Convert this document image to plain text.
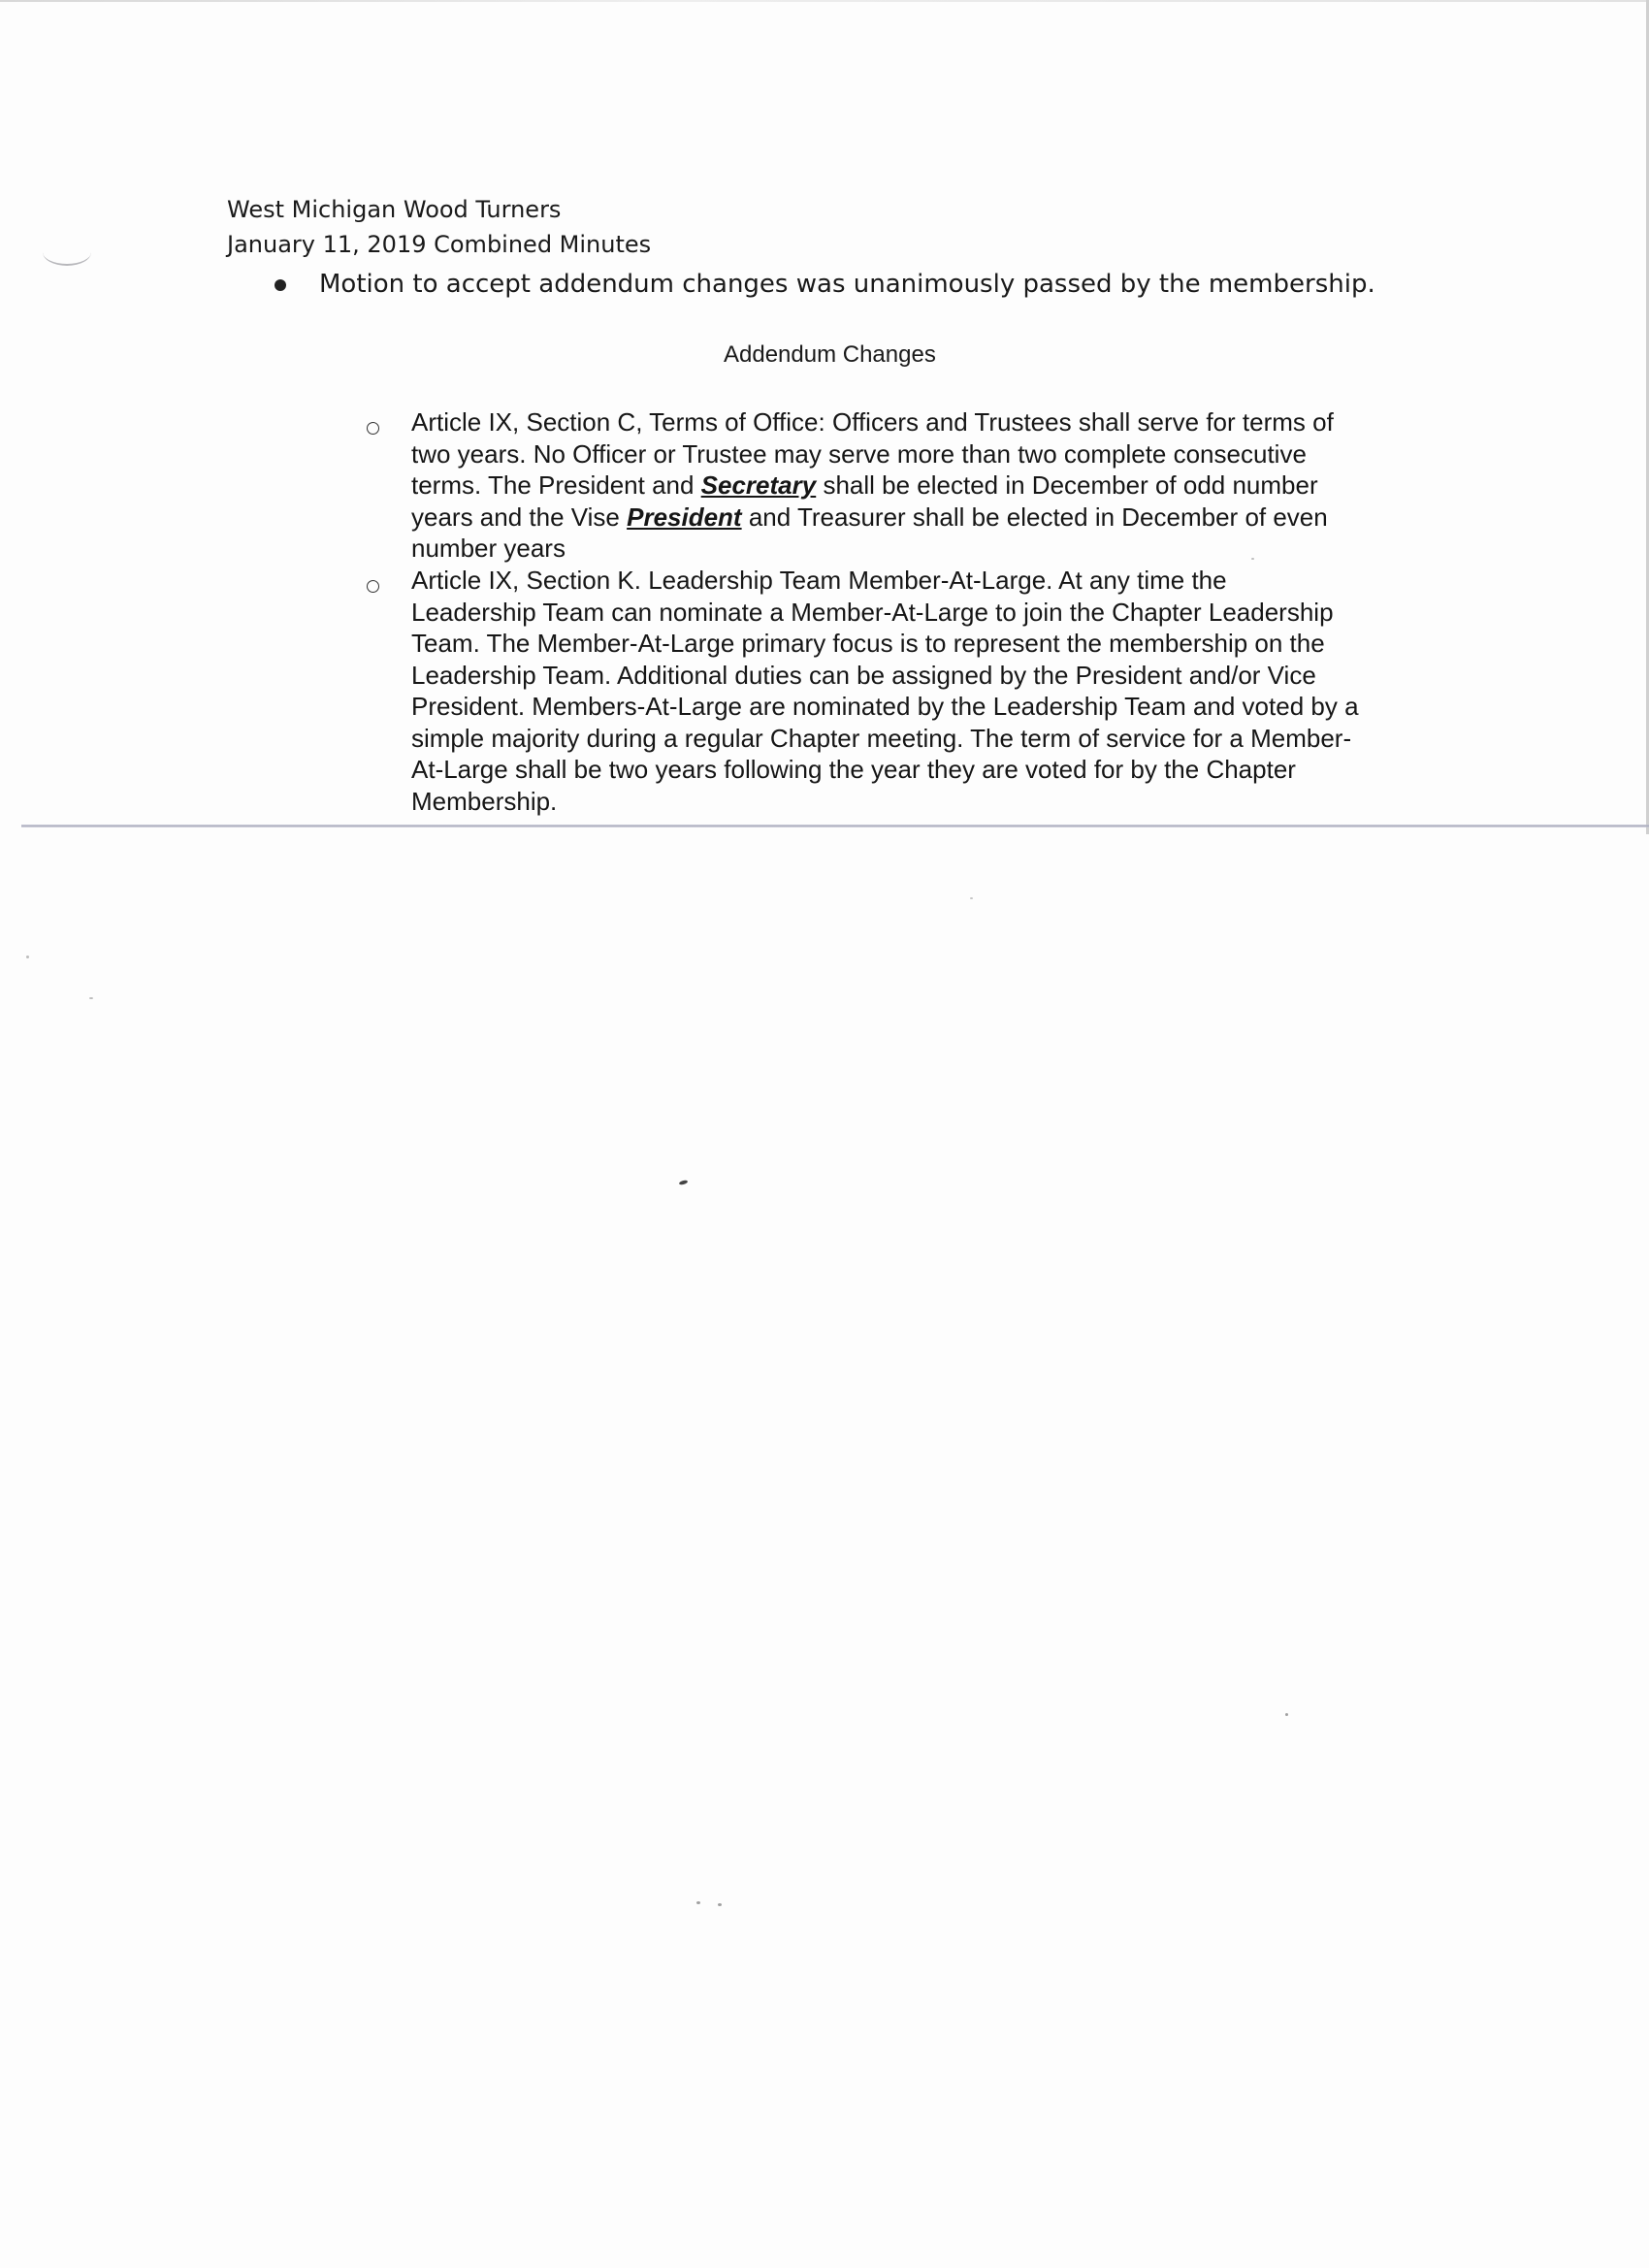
West Michigan Wood Turners
January 11, 2019 Combined Minutes
Motion to accept addendum changes was unanimously passed by the membership.
Addendum Changes
Article IX, Section C, Terms of Office: Officers and Trustees shall serve for terms of
two years. No Officer or Trustee may serve more than two complete consecutive
terms. The President and Secretary shall be elected in December of odd number
years and the Vise President and Treasurer shall be elected in December of even
number years
Article IX, Section K. Leadership Team Member-At-Large. At any time the
Leadership Team can nominate a Member-At-Large to join the Chapter Leadership
Team. The Member-At-Large primary focus is to represent the membership on the
Leadership Team. Additional duties can be assigned by the President and/or Vice
President. Members-At-Large are nominated by the Leadership Team and voted by a
simple majority during a regular Chapter meeting. The term of service for a Member-
At-Large shall be two years following the year they are voted for by the Chapter
Membership.
